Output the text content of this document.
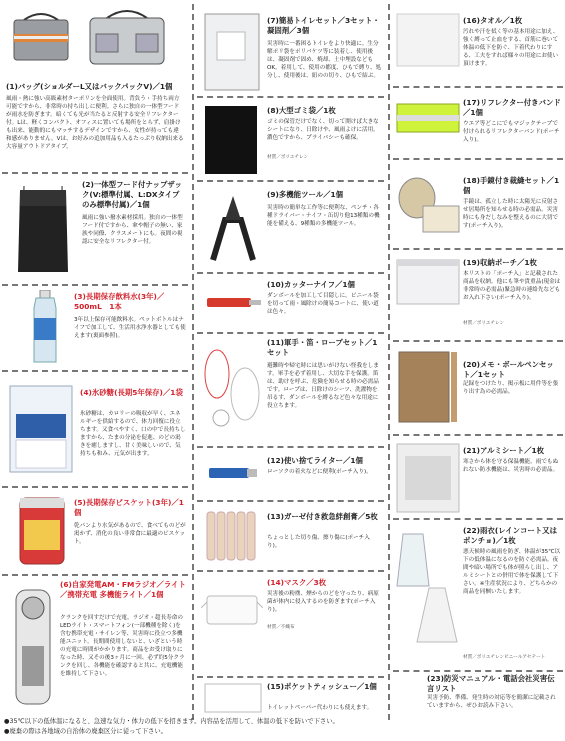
(1)バッグ(ショルダーL又はバックパックV)／1個
風雨・熱に強い高級素材ターポリンを全面使用。背負う・手持ち両方可能ですから、非常時の持ち出しに便利。さらに独自の一体型フードが雨水を防ぎます。暗くても光が当たると反射する安全リフレクター付。Lは、軽くコンパクト、オフィスに置いても場所をとらず、肩掛けも出来、能動的にもマッチするデザインですから、女性が持っても違和感がありません。Vは、お好みの追加用品も入るたっぷり収納出来る大容量アウトドアタイプ。
(2)一体型フード付ナップザック(V:標準付属、L:DXタイプのみ標準付属)／1個
風雨に強い撥水素材採用。独自の一体型フード付ですから、傘や帽子の無い、家族や同僚、クラスメートにも。夜間の視認に安全なリフレクター付。
(3)長期保存飲料水(3年)／500mL　1本
3年以上保存可能飲料水。ペットボトルはナイフで加工して、生活用水浄水器としても使えます(裏面参照)。
(4)氷砂糖(長期5年保存)／1袋
氷砂糖は、カロリーの吸収が早く、エネルギーを供給するので、体力回復に役立ちます。又食べやすく、口の中で長持ちしますから、たまの分泌を促進、のどの渇きを癒しますし、甘く美味しいので、気持ちも和み、元気が出ます。
(5)長期保存ビスケット(3年)／1個
乾パンより水気があるので、食べてものどが渇かず、消化の良い非常食に最適のビスケット。
(6)自家発電AM・FMラジオ／ライト／携帯充電 多機能ライト／1個
クランクを回すだけで充電。ラジオ・超長寿命のLEDライト・スマートフォン(一部機種を除く)を含む携帯充電・サイレン等、災害時に役立つ多機能ユニット。長期間使用しないと、いざという時の充電に時間がかかります。商品をお受け取りになった時、又その後3ヶ月に一回、必ず約5分クランクを回し、各機能を確認すると共に、充電機能を維持して下さい。
(7)簡易トイレセット／3セット・凝固剤／3個
災害時に一番困るトイレをより快適に。生分解ポリ袋をポリバケツ等に装着し、使用後は、凝固剤で固め、焼却、土中埋設などもOK。着用して、使用の都度、ひもで縛り、処分し、使用後は、紐のの切り、ひもで結ぶ。
(8)大型ゴミ袋／1枚
ゴミの保管だけでなく、切って開けば大きなシートになり、日除けや、風雨よけに活用。濃色ですから、プライバシーも確保。
材質／ポリエチレン
(9)多機能ツール／1個
災害時の簡単な工作等に便利な、ペンチ・各種ドライバー・ナイフ・缶切り他13種類の機能を備える、9種類の多機能ツール。
(10)カッターナイフ／1個
ダンボールを加工して目隠しに。ビニール袋を切って雨・風除けの簡易コートに、使い道は色々。
(11)軍手・笛・ロープセット／1セット
避難時や帰宅時には思いがけない怪我をします。軍手を必ず着用し、大切な手を保護。笛は、助けを呼ぶ、危険を知らせる時の必需品です。ロープは、日除けのシーツ、洗濯物を吊るす、ダンボールを縛るなど色々な用途に役立ちます。
(12)使い捨てライター／1個
ローソクの着火などに便利(ポーチ入り)。
(13)ガーゼ付き救急絆創膏／5枚
ちょっとした切り傷、擦り傷に(ポーチ入り)。
(14)マスク／3枚
災害後の粉塵、煙からのどを守ったり、病原菌が体内に侵入するのを防ぎます(ポーチ入り)。
材質／不織布
(15)ポケットティッシュー／1個
トイレットペーパー代わりにも使えます。
(16)タオル／1枚
汚れや汗を拭く等の基本用途に加え、強く縛って止血をする、首筋に巻いて体温の低下を防ぐ、下着代わりにする、工夫をすれば様々の用途にお使い頂けます。
(17)リフレクター付きバンド／1個
ウエア等どこにでもマジックテープで付けられるリフレクターバンド(ポーチ入り)。
(18)手鏡付き裁縫セット／1個
手鏡は、孤立した時に太陽光に反射させ居場所を知らせる時の必需品。災害時にも身だしなみを整えるのに大切です(ポーチ入り)。
(19)収納ポーチ／1枚
本リストの「ポーチ入」と記載された商品を収納。他にも筆や貴重品(現金は非常時の必需品)緊急時の連絡先などもお入れ下さい(ポーチ入り)。
材質／ポリエチレン
(20)メモ・ボールペンセット／1セット
記録をつけたり、掲示板に用件等を張り出す為の必需品。
(21)アルミシート／1枚
寒さから体を守る保温機能。雨でもぬれない防水機能は、災害時の必需品。
(22)雨衣(レインコート又はポンチョ)／1枚
悪天候時の風雨を防ぎ、体温が35℃以下の低体温になるのを防ぐ必需品。夜間や暗い場所でも体が照らし出し、アルミシートとの併用で体を保護して下さい。※生産状況により、どちらかの商品を同梱いたします。
材質／ポリエチレンビニールアセテート
(23)防災マニュアル・電話会社災害伝言リスト
災害予防、準備、発生時の対応等を簡潔に記載されていますから、ぜひお読み下さい。
●35℃以下の低体温になると、急速な気力・体力の低下を招きます。内容品を活用して、体温の低下を防いで下さい。
●廃棄の際は各地域の自治体の廃棄区分に従って下さい。
